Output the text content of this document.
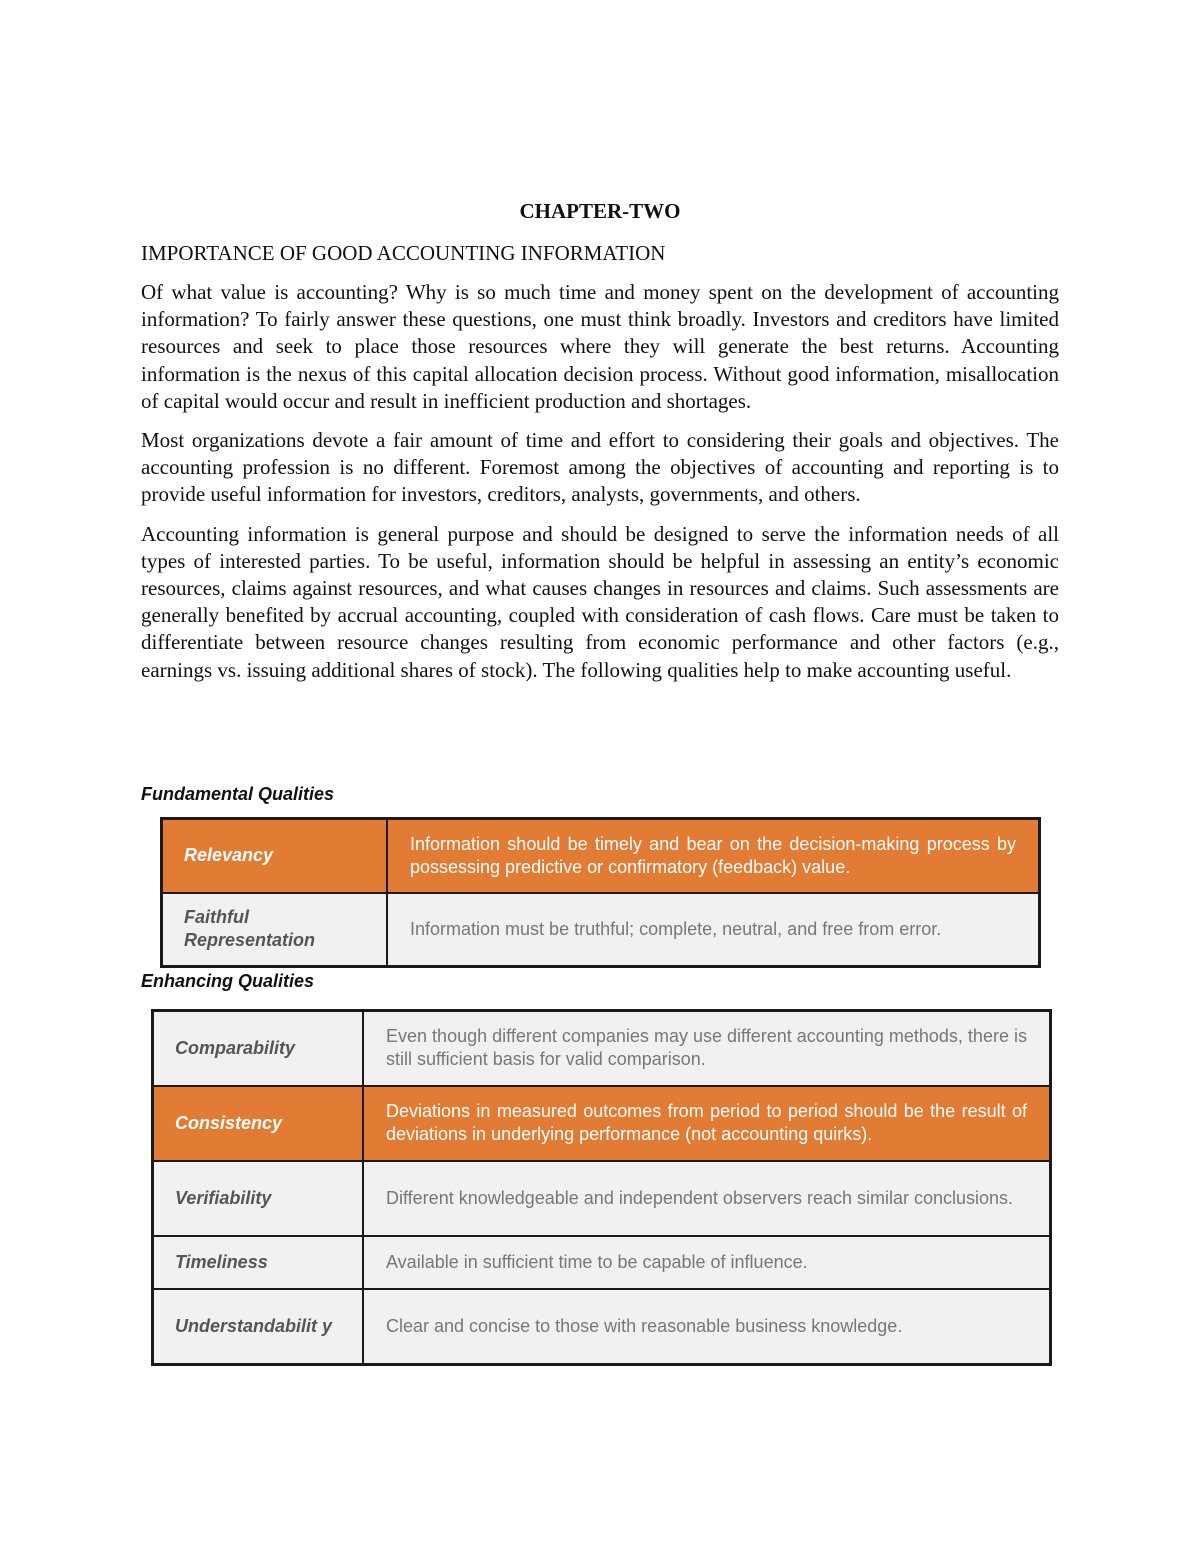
CHAPTER-TWO
IMPORTANCE OF GOOD ACCOUNTING INFORMATION

Of what value is accounting? Why is so much time and money spent on the development of accounting information? To fairly answer these questions, one must think broadly. Investors and creditors have limited resources and seek to place those resources where they will generate the best returns. Accounting information is the nexus of this capital allocation decision process. Without good information, misallocation of capital would occur and result in inefficient production and shortages.

Most organizations devote a fair amount of time and effort to considering their goals and objectives. The accounting profession is no different. Foremost among the objectives of accounting and reporting is to provide useful information for investors, creditors, analysts, governments, and others.

Accounting information is general purpose and should be designed to serve the information needs of all types of interested parties. To be useful, information should be helpful in assessing an entity’s economic resources, claims against resources, and what causes changes in resources and claims. Such assessments are generally benefited by accrual accounting, coupled with consideration of cash flows. Care must be taken to differentiate between resource changes resulting from economic performance and other factors (e.g., earnings vs. issuing additional shares of stock). The following qualities help to make accounting useful.

Fundamental Qualities
Relevancy	Information should be timely and bear on the decision-making process by possessing predictive or confirmatory (feedback) value.
Faithful Representation	Information must be truthful; complete, neutral, and free from error.
Enhancing Qualities
Comparability	Even though different companies may use different accounting methods, there is still sufficient basis for valid comparison.
Consistency	Deviations in measured outcomes from period to period should be the result of deviations in underlying performance (not accounting quirks).
Verifiability	Different knowledgeable and independent observers reach similar conclusions.
Timeliness	Available in sufficient time to be capable of influence.
Understandabilit y	Clear and concise to those with reasonable business knowledge.
